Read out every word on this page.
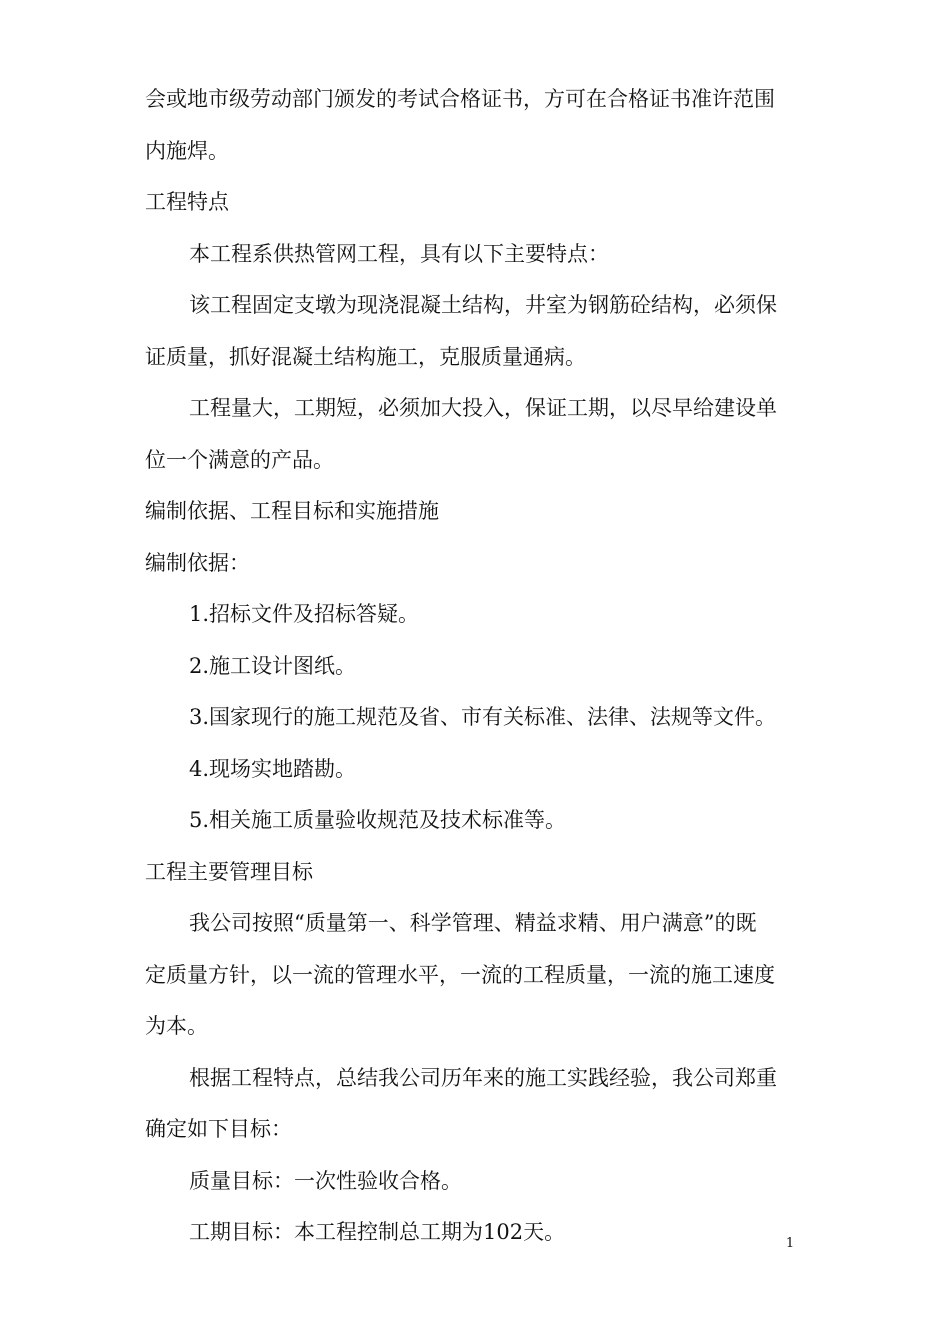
会或地市级劳动部门颁发的考试合格证书，方可在合格证书准许范围
内施焊。
工程特点
本工程系供热管网工程，具有以下主要特点：
该工程固定支墩为现浇混凝土结构，井室为钢筋砼结构，必须保
证质量，抓好混凝土结构施工，克服质量通病。
工程量大，工期短，必须加大投入，保证工期，以尽早给建设单
位一个满意的产品。
编制依据、工程目标和实施措施
编制依据：
1.招标文件及招标答疑。
2.施工设计图纸。
3.国家现行的施工规范及省、市有关标准、法律、法规等文件。
4.现场实地踏勘。
5.相关施工质量验收规范及技术标准等。
工程主要管理目标
我公司按照“质量第一、科学管理、精益求精、用户满意”的既
定质量方针，以一流的管理水平，一流的工程质量，一流的施工速度
为本。
根据工程特点，总结我公司历年来的施工实践经验，我公司郑重
确定如下目标：
质量目标：一次性验收合格。
工期目标：本工程控制总工期为102天。	1
